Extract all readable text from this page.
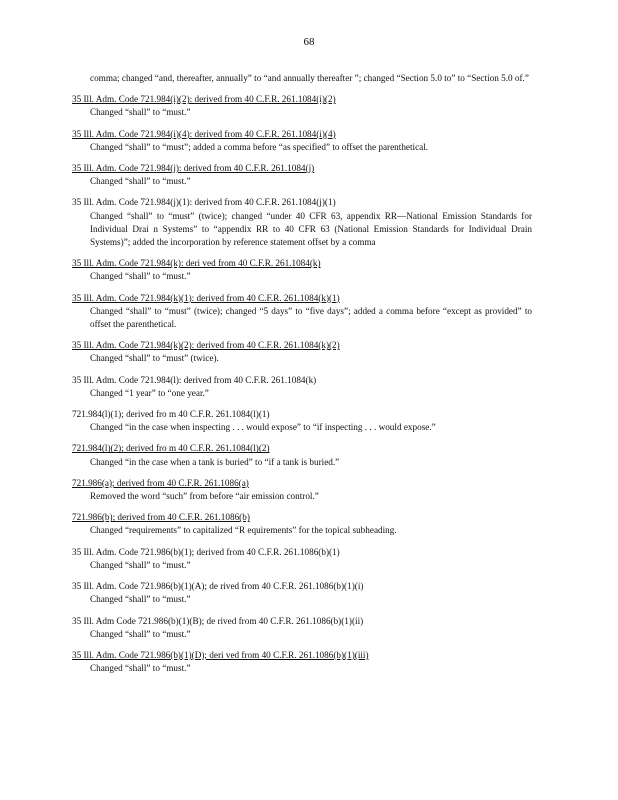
68
comma; changed “and, thereafter, annually” to “and annually thereafter ”; changed “Section 5.0 to” to “Section 5.0 of.”
35 Ill. Adm. Code 721.984(i)(2): derived from 40 C.F.R. 261.1084(i)(2)
Changed “shall” to “must.”
35 Ill. Adm. Code 721.984(i)(4): derived from 40 C.F.R. 261.1084(i)(4)
Changed “shall” to “must”; added a comma before “as specified” to offset the parenthetical.
35 Ill. Adm. Code 721.984(j): derived from 40 C.F.R. 261.1084(j)
Changed “shall” to “must.”
35 Ill. Adm. Code 721.984(j)(1): derived from 40 C.F.R. 261.1084(j)(1)
Changed “shall” to “must” (twice); changed “under 40 CFR 63, appendix RR—National Emission Standards for Individual Drai n Systems” to “appendix RR to 40 CFR 63 (National Emission Standards for Individual Drain Systems)”; added the incorporation by reference statement offset by a comma
35 Ill. Adm. Code 721.984(k): deri ved from 40 C.F.R. 261.1084(k)
Changed “shall” to “must.”
35 Ill. Adm. Code 721.984(k)(1): derived from 40 C.F.R. 261.1084(k)(1)
Changed “shall” to “must” (twice); changed “5 days” to “five days”; added a comma before “except as provided” to offset the parenthetical.
35 Ill. Adm. Code 721.984(k)(2): derived from 40 C.F.R. 261.1084(k)(2)
Changed “shall” to “must” (twice).
35 Ill. Adm. Code 721.984(l): derived from 40 C.F.R. 261.1084(k)
Changed “1 year” to “one year.”
721.984(l)(1); derived fro m 40 C.F.R. 261.1084(l)(1)
Changed “in the case when inspecting . . . would expose” to “if inspecting . . . would expose.”
721.984(l)(2); derived fro m 40 C.F.R. 261.1084(l)(2)
Changed “in the case when a tank is buried” to “if a tank is buried.”
721.986(a); derived from 40 C.F.R. 261.1086(a)
Removed the word “such” from before “air emission control.”
721.986(b); derived from 40 C.F.R. 261.1086(b)
Changed “requirements” to capitalized “R equirements” for the topical subheading.
35 Ill. Adm. Code 721.986(b)(1); derived from 40 C.F.R. 261.1086(b)(1)
Changed “shall” to “must.”
35 Ill. Adm. Code 721.986(b)(1)(A); de rived from 40 C.F.R. 261.1086(b)(1)(i)
Changed “shall” to “must.”
35 Ill. Adm Code 721.986(b)(1)(B); de rived from 40 C.F.R. 261.1086(b)(1)(ii)
Changed “shall” to “must.”
35 Ill. Adm. Code 721.986(b)(1)(D); deri ved from 40 C.F.R. 261.1086(b)(1)(iii)
Changed “shall” to “must.”
